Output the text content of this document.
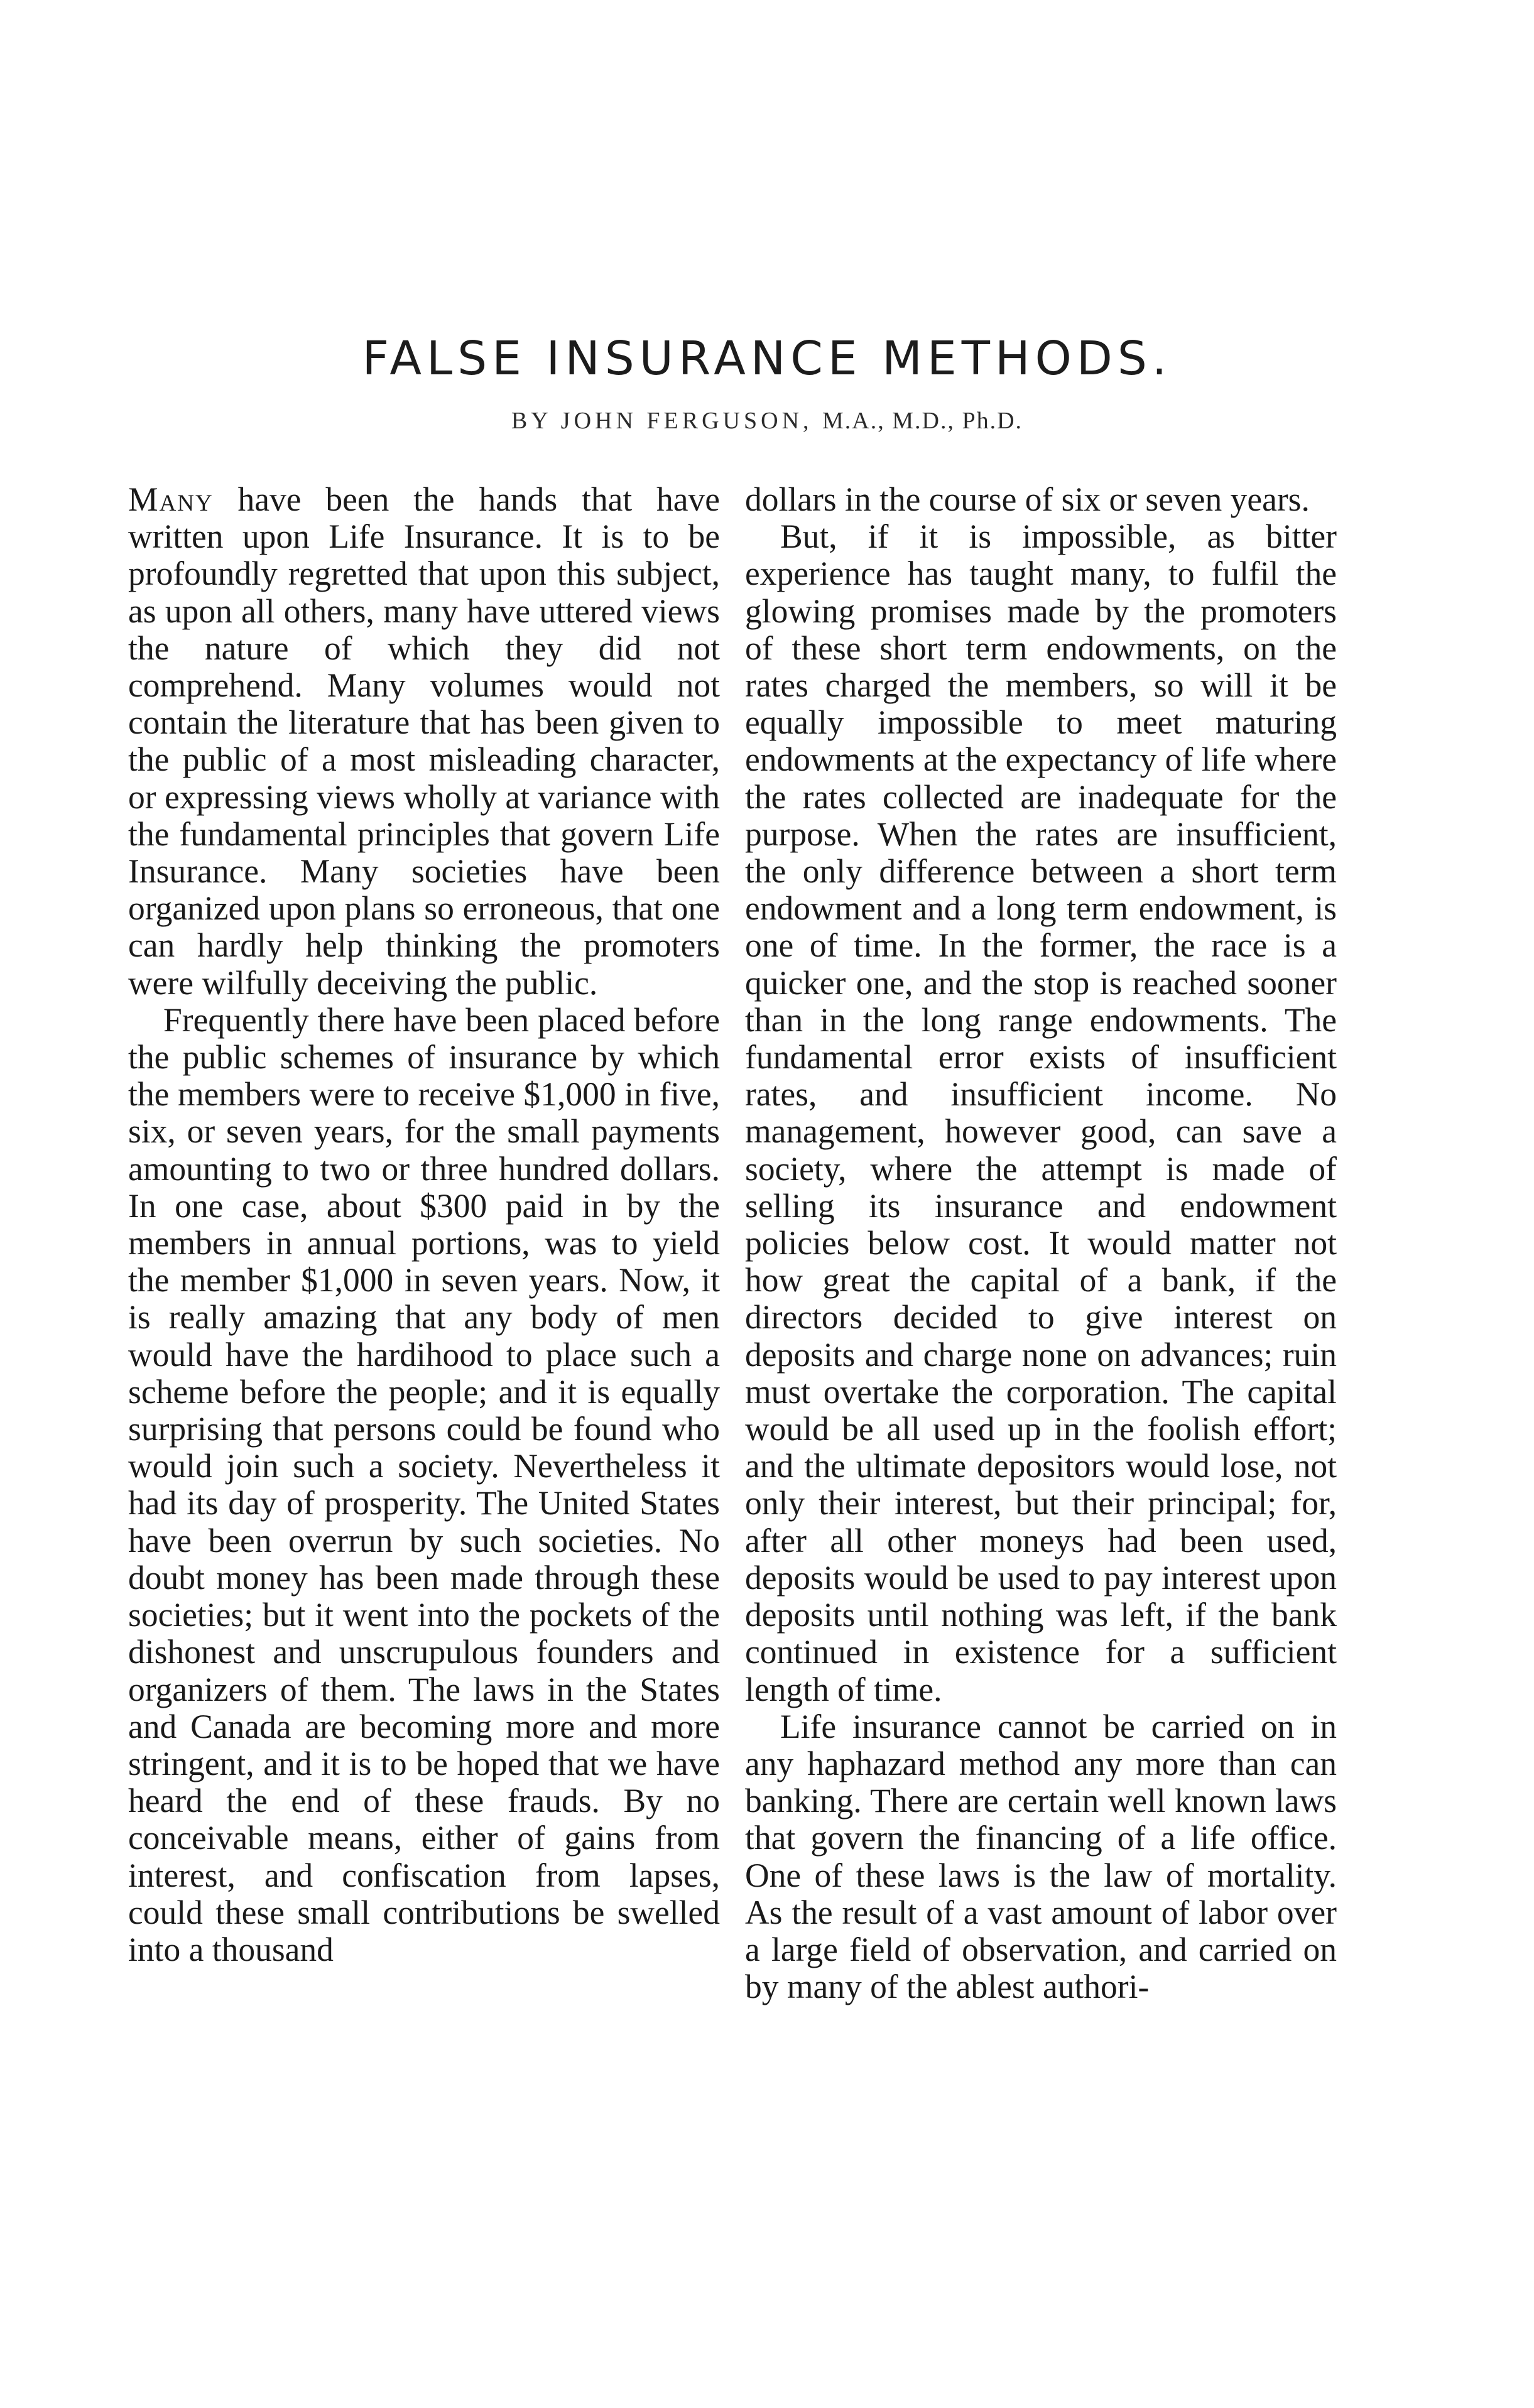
FALSE INSURANCE METHODS.
BY JOHN FERGUSON, M.A., M.D., Ph.D.

Many have been the hands that have written upon Life Insurance. It is to be profoundly regretted that upon this subject, as upon all others, many have uttered views the nature of which they did not comprehend. Many volumes would not contain the literature that has been given to the public of a most misleading character, or expressing views wholly at variance with the fundamental principles that govern Life Insurance. Many societies have been organized upon plans so erroneous, that one can hardly help thinking the promoters were wilfully deceiving the public.

Frequently there have been placed before the public schemes of insurance by which the members were to receive $1,000 in five, six, or seven years, for the small payments amounting to two or three hundred dollars. In one case, about $300 paid in by the members in annual portions, was to yield the member $1,000 in seven years. Now, it is really amazing that any body of men would have the hardihood to place such a scheme before the people; and it is equally surprising that persons could be found who would join such a society. Nevertheless it had its day of prosperity. The United States have been overrun by such societies. No doubt money has been made through these societies; but it went into the pockets of the dishonest and unscrupulous founders and organizers of them. The laws in the States and Canada are becoming more and more stringent, and it is to be hoped that we have heard the end of these frauds. By no conceivable means, either of gains from interest, and confiscation from lapses, could these small contributions be swelled into a thousand

dollars in the course of six or seven years.

But, if it is impossible, as bitter experience has taught many, to fulfil the glowing promises made by the promoters of these short term endowments, on the rates charged the members, so will it be equally impossible to meet maturing endowments at the expectancy of life where the rates collected are inadequate for the purpose. When the rates are insufficient, the only difference between a short term endowment and a long term endowment, is one of time. In the former, the race is a quicker one, and the stop is reached sooner than in the long range endowments. The fundamental error exists of insufficient rates, and insufficient income. No management, however good, can save a society, where the attempt is made of selling its insurance and endowment policies below cost. It would matter not how great the capital of a bank, if the directors decided to give interest on deposits and charge none on advances; ruin must overtake the corporation. The capital would be all used up in the foolish effort; and the ultimate depositors would lose, not only their interest, but their principal; for, after all other moneys had been used, deposits would be used to pay interest upon deposits until nothing was left, if the bank continued in existence for a sufficient length of time.

Life insurance cannot be carried on in any haphazard method any more than can banking. There are certain well known laws that govern the financing of a life office. One of these laws is the law of mortality. As the result of a vast amount of labor over a large field of observation, and carried on by many of the ablest authori-
